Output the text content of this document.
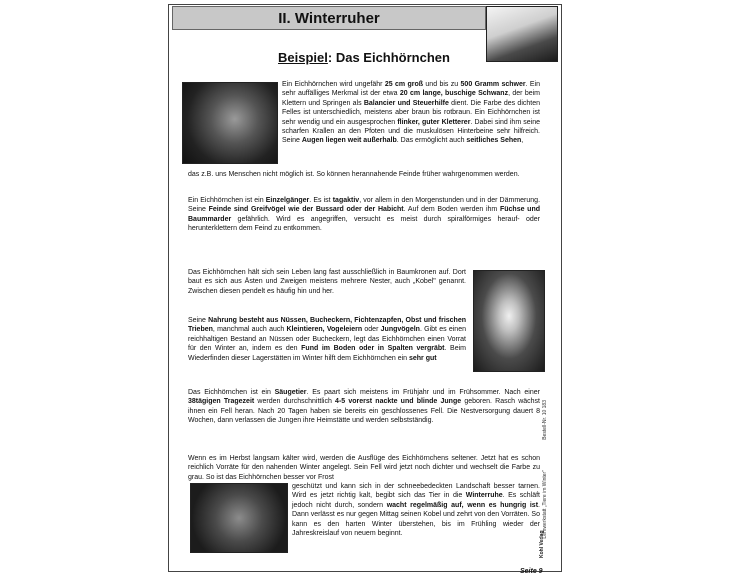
II. Winterruher
Beispiel: Das Eichhörnchen
Ein Eichhörnchen wird ungefähr 25 cm groß und bis zu 500 Gramm schwer. Ein sehr auffälliges Merkmal ist der etwa 20 cm lange, buschige Schwanz, der beim Klettern und Springen als Balancier und Steuerhilfe dient. Die Farbe des dichten Felles ist unterschiedlich, meistens aber braun bis rotbraun. Ein Eichhörnchen ist sehr wendig und ein ausgesprochen flinker, guter Kletterer. Dabei sind ihm seine scharfen Krallen an den Pfoten und die muskulösen Hinterbeine sehr hilfreich. Seine Augen liegen weit außerhalb. Das ermöglicht auch seitliches Sehen,
das z.B. uns Menschen nicht möglich ist. So können herannahende Feinde früher wahrgenommen werden.
Ein Eichhörnchen ist ein Einzelgänger. Es ist tagaktiv, vor allem in den Morgenstunden und in der Dämmerung. Seine Feinde sind Greifvögel wie der Bussard oder der Habicht. Auf dem Boden werden ihm Füchse und Baummarder gefährlich. Wird es angegriffen, versucht es meist durch spiralförmiges herauf- oder herunterklettern dem Feind zu entkommen.
Das Eichhörnchen hält sich sein Leben lang fast ausschließlich in Baumkronen auf. Dort baut es sich aus Ästen und Zweigen meistens mehrere Nester, auch „Kobel" genannt. Zwischen diesen pendelt es häufig hin und her.
Seine Nahrung besteht aus Nüssen, Bucheckern, Fichtenzapfen, Obst und frischen Trieben, manchmal auch auch Kleintieren, Vogeleiern oder Jungvögeln. Gibt es einen reichhaltigen Bestand an Nüssen oder Bucheckern, legt das Eichhörnchen einen Vorrat für den Winter an, indem es den Fund im Boden oder in Spalten vergräbt. Beim Wiederfinden dieser Lagerstätten im Winter hilft dem Eichhörnchen ein sehr gut
Das Eichhörnchen ist ein Säugetier. Es paart sich meistens im Frühjahr und im Frühsommer. Nach einer 38tägigen Tragezeit werden durchschnittlich 4-5 vorerst nackte und blinde Junge geboren. Rasch wächst ihnen ein Fell heran. Nach 20 Tagen haben sie bereits ein geschlossenes Fell. Die Nestversorgung dauert 8 Wochen, dann verlassen die Jungen ihre Heimstätte und werden selbstständig.
Wenn es im Herbst langsam kälter wird, werden die Ausflüge des Eichhörnchens seltener. Jetzt hat es schon reichlich Vorräte für den nahenden Winter angelegt. Sein Fell wird jetzt noch dichter und wechselt die Farbe zu grau. So ist das Eichhörnchen besser vor Frost
geschützt und kann sich in der schneebedeckten Landschaft besser tarnen. Wird es jetzt richtig kalt, begibt sich das Tier in die Winterruhe. Es schläft jedoch nicht durch, sondern wacht regelmäßig auf, wenn es hungrig ist. Dann verlässt es nur gegen Mittag seinen Kobel und zehrt von den Vorräten. So kann es den harten Winter überstehen, bis im Frühling wieder der Jahreskreislauf von neuem beginnt.
Bestell-Nr. 10 183
Lernwerkstatt „Tiere im Winter"
Kohl Verlag
Seite 9
